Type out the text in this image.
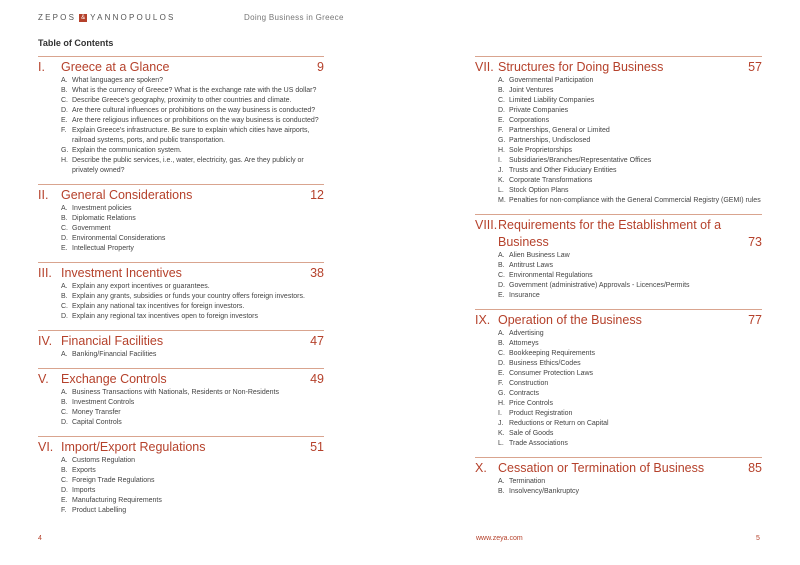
ZEPOS & YANNOPOULOS	Doing Business in Greece
Table of Contents
I.	Greece at a Glance	9
A. What languages are spoken?
B. What is the currency of Greece? What is the exchange rate with the US dollar?
C. Describe Greece's geography, proximity to other countries and climate.
D. Are there cultural influences or prohibitions on the way business is conducted?
E. Are there religious influences or prohibitions on the way business is conducted?
F. Explain Greece's infrastructure. Be sure to explain which cities have airports, railroad systems, ports, and public transportation.
G. Explain the communication system.
H. Describe the public services, i.e., water, electricity, gas. Are they publicly or privately owned?
II.	General Considerations	12
A. Investment policies
B. Diplomatic Relations
C. Government
D. Environmental Considerations
E. Intellectual Property
III. Investment Incentives	38
A. Explain any export incentives or guarantees.
B. Explain any grants, subsidies or funds your country offers foreign investors.
C. Explain any national tax incentives for foreign investors.
D. Explain any regional tax incentives open to foreign investors
IV. Financial Facilities	47
A. Banking/Financial Facilities
V. Exchange Controls	49
A. Business Transactions with Nationals, Residents or Non-Residents
B. Investment Controls
C. Money Transfer
D. Capital Controls
VI. Import/Export Regulations	51
A. Customs Regulation
B. Exports
C. Foreign Trade Regulations
D. Imports
E. Manufacturing Requirements
F. Product Labelling
VII. Structures for Doing Business	57
A. Governmental Participation
B. Joint Ventures
C. Limited Liability Companies
D. Private Companies
E. Corporations
F. Partnerships, General or Limited
G. Partnerships, Undisclosed
H. Sole Proprietorships
I.	Subsidiaries/Branches/Representative Offices
J. Trusts and Other Fiduciary Entities
K. Corporate Transformations
L. Stock Option Plans
M. Penalties for non-compliance with the General Commercial Registry (GEMI) rules
VIII. Requirements for the Establishment of a Business	73
A. Alien Business Law
B. Antitrust Laws
C. Environmental Regulations
D. Government (administrative) Approvals - Licences/Permits
E. Insurance
IX. Operation of the Business	77
A. Advertising
B. Attorneys
C. Bookkeeping Requirements
D. Business Ethics/Codes
E. Consumer Protection Laws
F. Construction
G. Contracts
H. Price Controls
I.	Product Registration
J. Reductions or Return on Capital
K. Sale of Goods
L. Trade Associations
X. Cessation or Termination of Business	85
A. Termination
B. Insolvency/Bankruptcy
4	www.zeya.com	5
